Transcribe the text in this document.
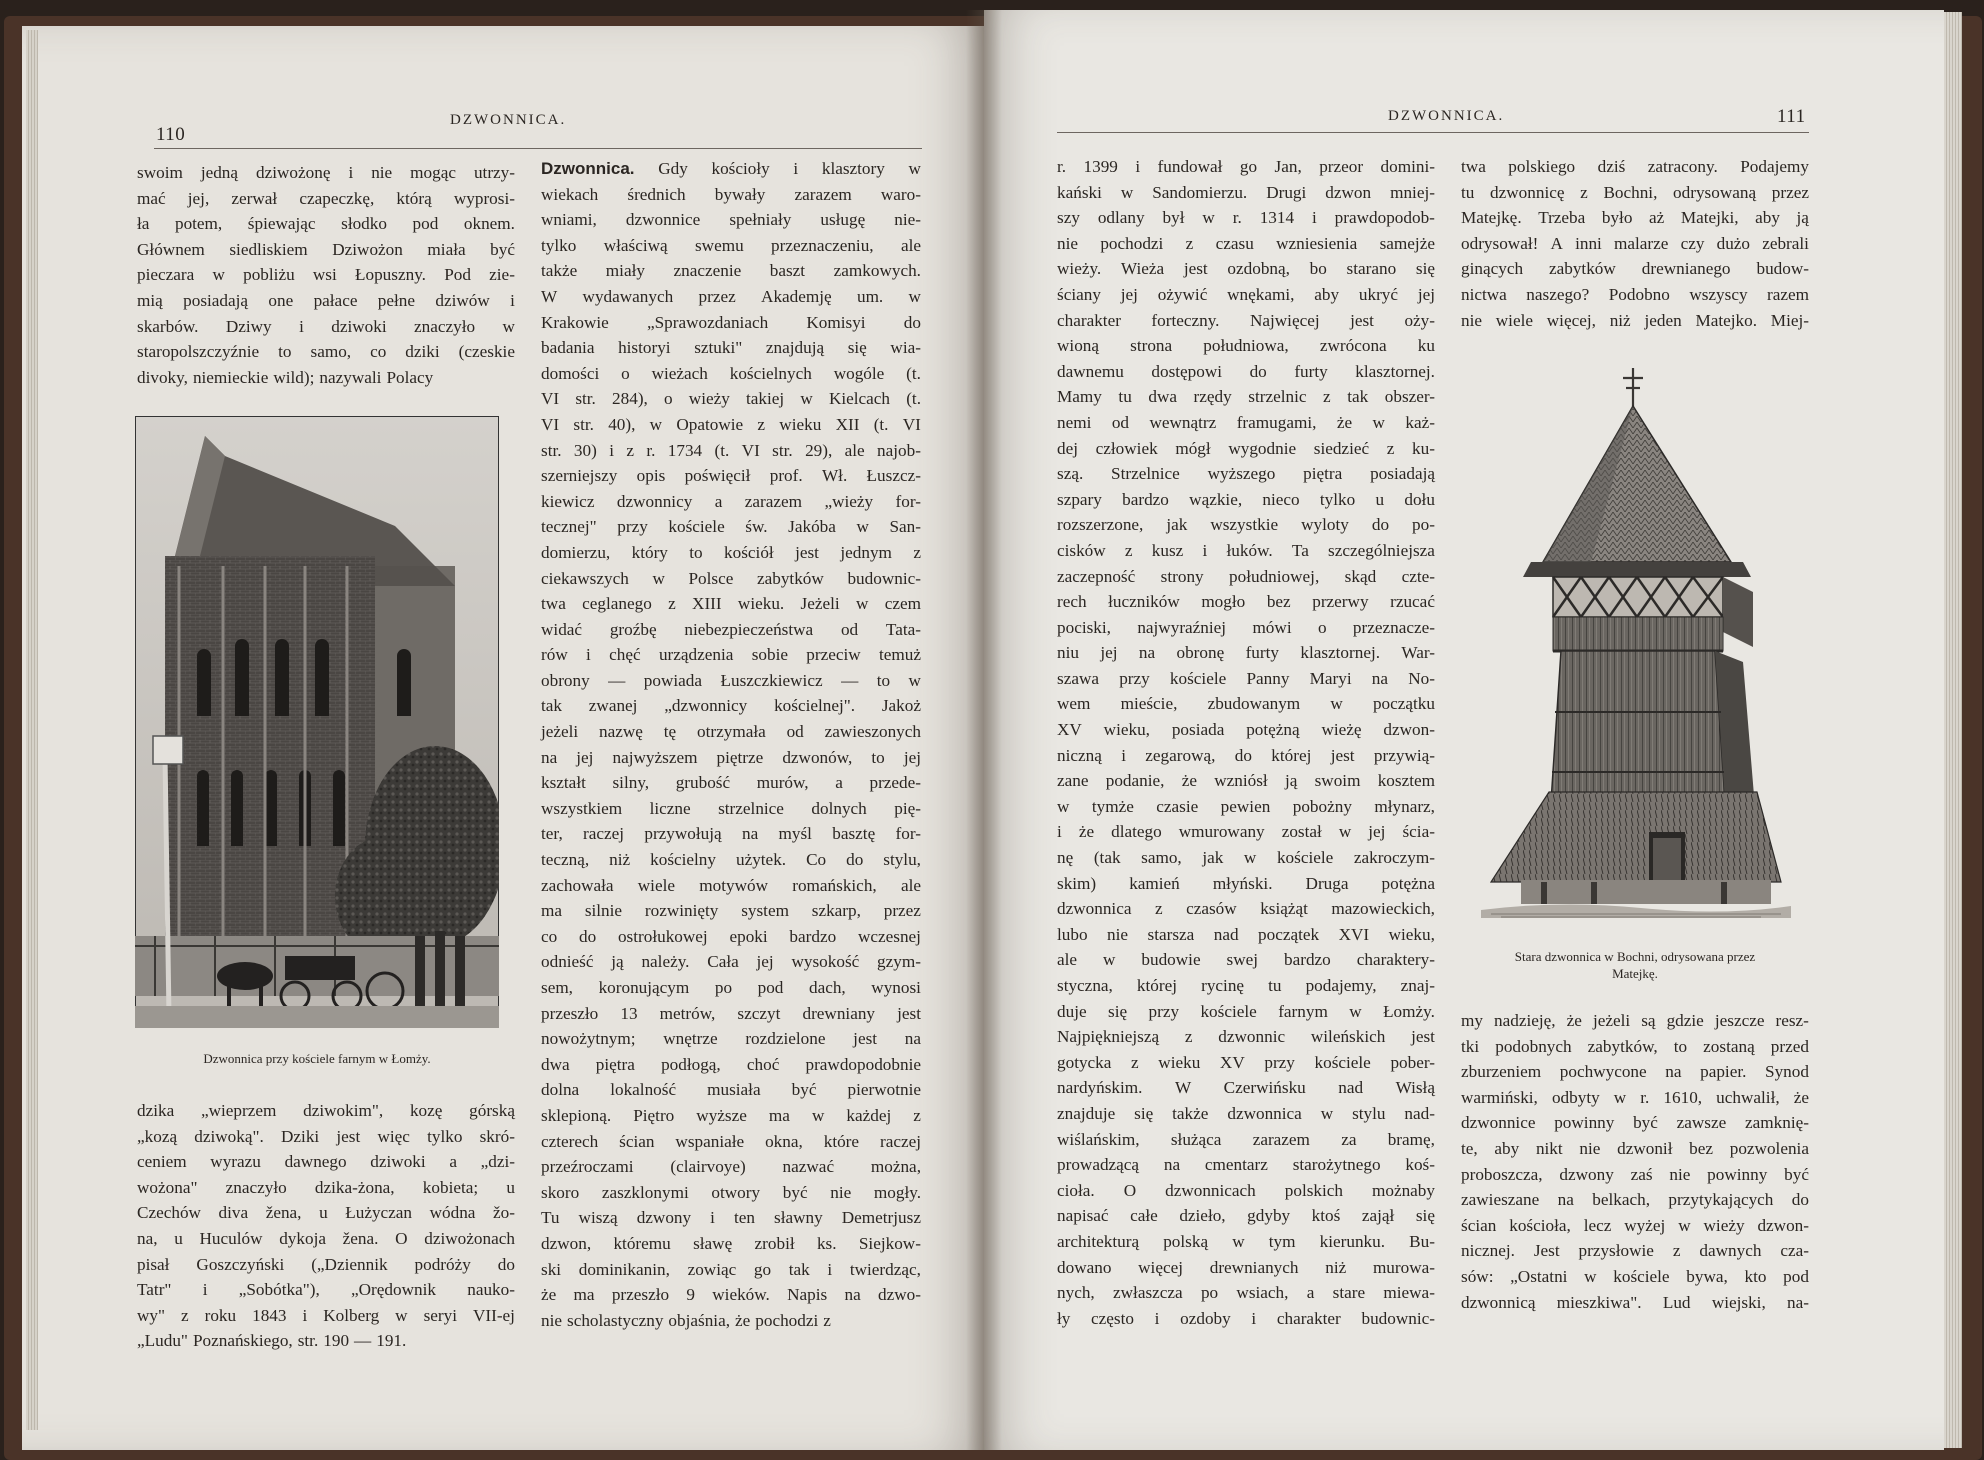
110
DZWONNICA.
swoim jedną dziwożonę i nie mogąc utrzy-
mać jej, zerwał czapeczkę, którą wyprosi-
ła potem, śpiewając słodko pod oknem.
Głównem siedliskiem Dziwożon miała być
pieczara w pobliżu wsi Łopuszny. Pod zie-
mią posiadają one pałace pełne dziwów i
skarbów. Dziwy i dziwoki znaczyło w
staropolszczyźnie to samo, co dziki (czeskie
divoky, niemieckie wild); nazywali Polacy
Dzwonnica przy kościele farnym w Łomży.
dzika „wieprzem dziwokim", kozę górską
„kozą dziwoką". Dziki jest więc tylko skró-
ceniem wyrazu dawnego dziwoki a „dzi-
wożona" znaczyło dzika-żona, kobieta; u
Czechów diva žena, u Łużyczan wódna žo-
na, u Huculów dykoja žena. O dziwożonach
pisał Goszczyński („Dziennik podróży do
Tatr" i „Sobótka"), „Orędownik nauko-
wy" z roku 1843 i Kolberg w seryi VII-ej
„Ludu" Poznańskiego, str. 190 — 191.
Dzwonnica. Gdy kościoły i klasztory w
wiekach średnich bywały zarazem waro-
wniami, dzwonnice spełniały usługę nie-
tylko właściwą swemu przeznaczeniu, ale
także miały znaczenie baszt zamkowych.
W wydawanych przez Akademję um. w
Krakowie „Sprawozdaniach Komisyi do
badania historyi sztuki" znajdują się wia-
domości o wieżach kościelnych wogóle (t.
VI str. 284), o wieży takiej w Kielcach (t.
VI str. 40), w Opatowie z wieku XII (t. VI
str. 30) i z r. 1734 (t. VI str. 29), ale najob-
szerniejszy opis poświęcił prof. Wł. Łuszcz-
kiewicz dzwonnicy a zarazem „wieży for-
tecznej" przy kościele św. Jakóba w San-
domierzu, który to kościół jest jednym z
ciekawszych w Polsce zabytków budownic-
twa ceglanego z XIII wieku. Jeżeli w czem
widać groźbę niebezpieczeństwa od Tata-
rów i chęć urządzenia sobie przeciw temuż
obrony — powiada Łuszczkiewicz — to w
tak zwanej „dzwonnicy kościelnej". Jakoż
jeżeli nazwę tę otrzymała od zawieszonych
na jej najwyższem piętrze dzwonów, to jej
kształt silny, grubość murów, a przede-
wszystkiem liczne strzelnice dolnych pię-
ter, raczej przywołują na myśl basztę for-
teczną, niż kościelny użytek. Co do stylu,
zachowała wiele motywów romańskich, ale
ma silnie rozwinięty system szkarp, przez
co do ostrołukowej epoki bardzo wczesnej
odnieść ją należy. Cała jej wysokość gzym-
sem, koronującym po pod dach, wynosi
przeszło 13 metrów, szczyt drewniany jest
nowożytnym; wnętrze rozdzielone jest na
dwa piętra podłogą, choć prawdopodobnie
dolna lokalność musiała być pierwotnie
sklepioną. Piętro wyższe ma w każdej z
czterech ścian wspaniałe okna, które raczej
przeźroczami (clairvoye) nazwać można,
skoro zaszklonymi otwory być nie mogły.
Tu wiszą dzwony i ten sławny Demetrjusz
dzwon, któremu sławę zrobił ks. Siejkow-
ski dominikanin, zowiąc go tak i twierdząc,
że ma przeszło 9 wieków. Napis na dzwo-
nie scholastyczny objaśnia, że pochodzi z
DZWONNICA.	111
r. 1399 i fundował go Jan, przeor domini-
kański w Sandomierzu. Drugi dzwon mniej-
szy odlany był w r. 1314 i prawdopodob-
nie pochodzi z czasu wzniesienia samejże
wieży. Wieża jest ozdobną, bo starano się
ściany jej ożywić wnękami, aby ukryć jej
charakter forteczny. Najwięcej jest oży-
wioną strona południowa, zwrócona ku
dawnemu dostępowi do furty klasztornej.
Mamy tu dwa rzędy strzelnic z tak obszer-
nemi od wewnątrz framugami, że w każ-
dej człowiek mógł wygodnie siedzieć z ku-
szą. Strzelnice wyższego piętra posiadają
szpary bardzo wązkie, nieco tylko u dołu
rozszerzone, jak wszystkie wyloty do po-
cisków z kusz i łuków. Ta szczególniejsza
zaczepność strony południowej, skąd czte-
rech łuczników mogło bez przerwy rzucać
pociski, najwyraźniej mówi o przeznacze-
niu jej na obronę furty klasztornej. War-
szawa przy kościele Panny Maryi na No-
wem mieście, zbudowanym w początku
XV wieku, posiada potężną wieżę dzwon-
niczną i zegarową, do której jest przywią-
zane podanie, że wzniósł ją swoim kosztem
w tymże czasie pewien pobożny młynarz,
i że dlatego wmurowany został w jej ścia-
nę (tak samo, jak w kościele zakroczym-
skim) kamień młyński. Druga potężna
dzwonnica z czasów książąt mazowieckich,
lubo nie starsza nad początek XVI wieku,
ale w budowie swej bardzo charaktery-
styczna, której rycinę tu podajemy, znaj-
duje się przy kościele farnym w Łomży.
Najpiękniejszą z dzwonnic wileńskich jest
gotycka z wieku XV przy kościele pober-
nardyńskim. W Czerwińsku nad Wisłą
znajduje się także dzwonnica w stylu nad-
wiślańskim, służąca zarazem za bramę,
prowadzącą na cmentarz starożytnego koś-
cioła. O dzwonnicach polskich możnaby
napisać całe dzieło, gdyby ktoś zajął się
architekturą polską w tym kierunku. Bu-
dowano więcej drewnianych niż murowa-
nych, zwłaszcza po wsiach, a stare miewa-
ły często i ozdoby i charakter budownic-
twa polskiego dziś zatracony. Podajemy
tu dzwonnicę z Bochni, odrysowaną przez
Matejkę. Trzeba było aż Matejki, aby ją
odrysował! A inni malarze czy dużo zebrali
ginących zabytków drewnianego budow-
nictwa naszego? Podobno wszyscy razem
nie wiele więcej, niż jeden Matejko. Miej-
Stara dzwonnica w Bochni, odrysowana przez
Matejkę.
my nadzieję, że jeżeli są gdzie jeszcze resz-
tki podobnych zabytków, to zostaną przed
zburzeniem pochwycone na papier. Synod
warmiński, odbyty w r. 1610, uchwalił, że
dzwonnice powinny być zawsze zamknię-
te, aby nikt nie dzwonił bez pozwolenia
proboszcza, dzwony zaś nie powinny być
zawieszane na belkach, przytykających do
ścian kościoła, lecz wyżej w wieży dzwon-
nicznej. Jest przysłowie z dawnych cza-
sów: „Ostatni w kościele bywa, kto pod
dzwonnicą mieszkiwa". Lud wiejski, na-
